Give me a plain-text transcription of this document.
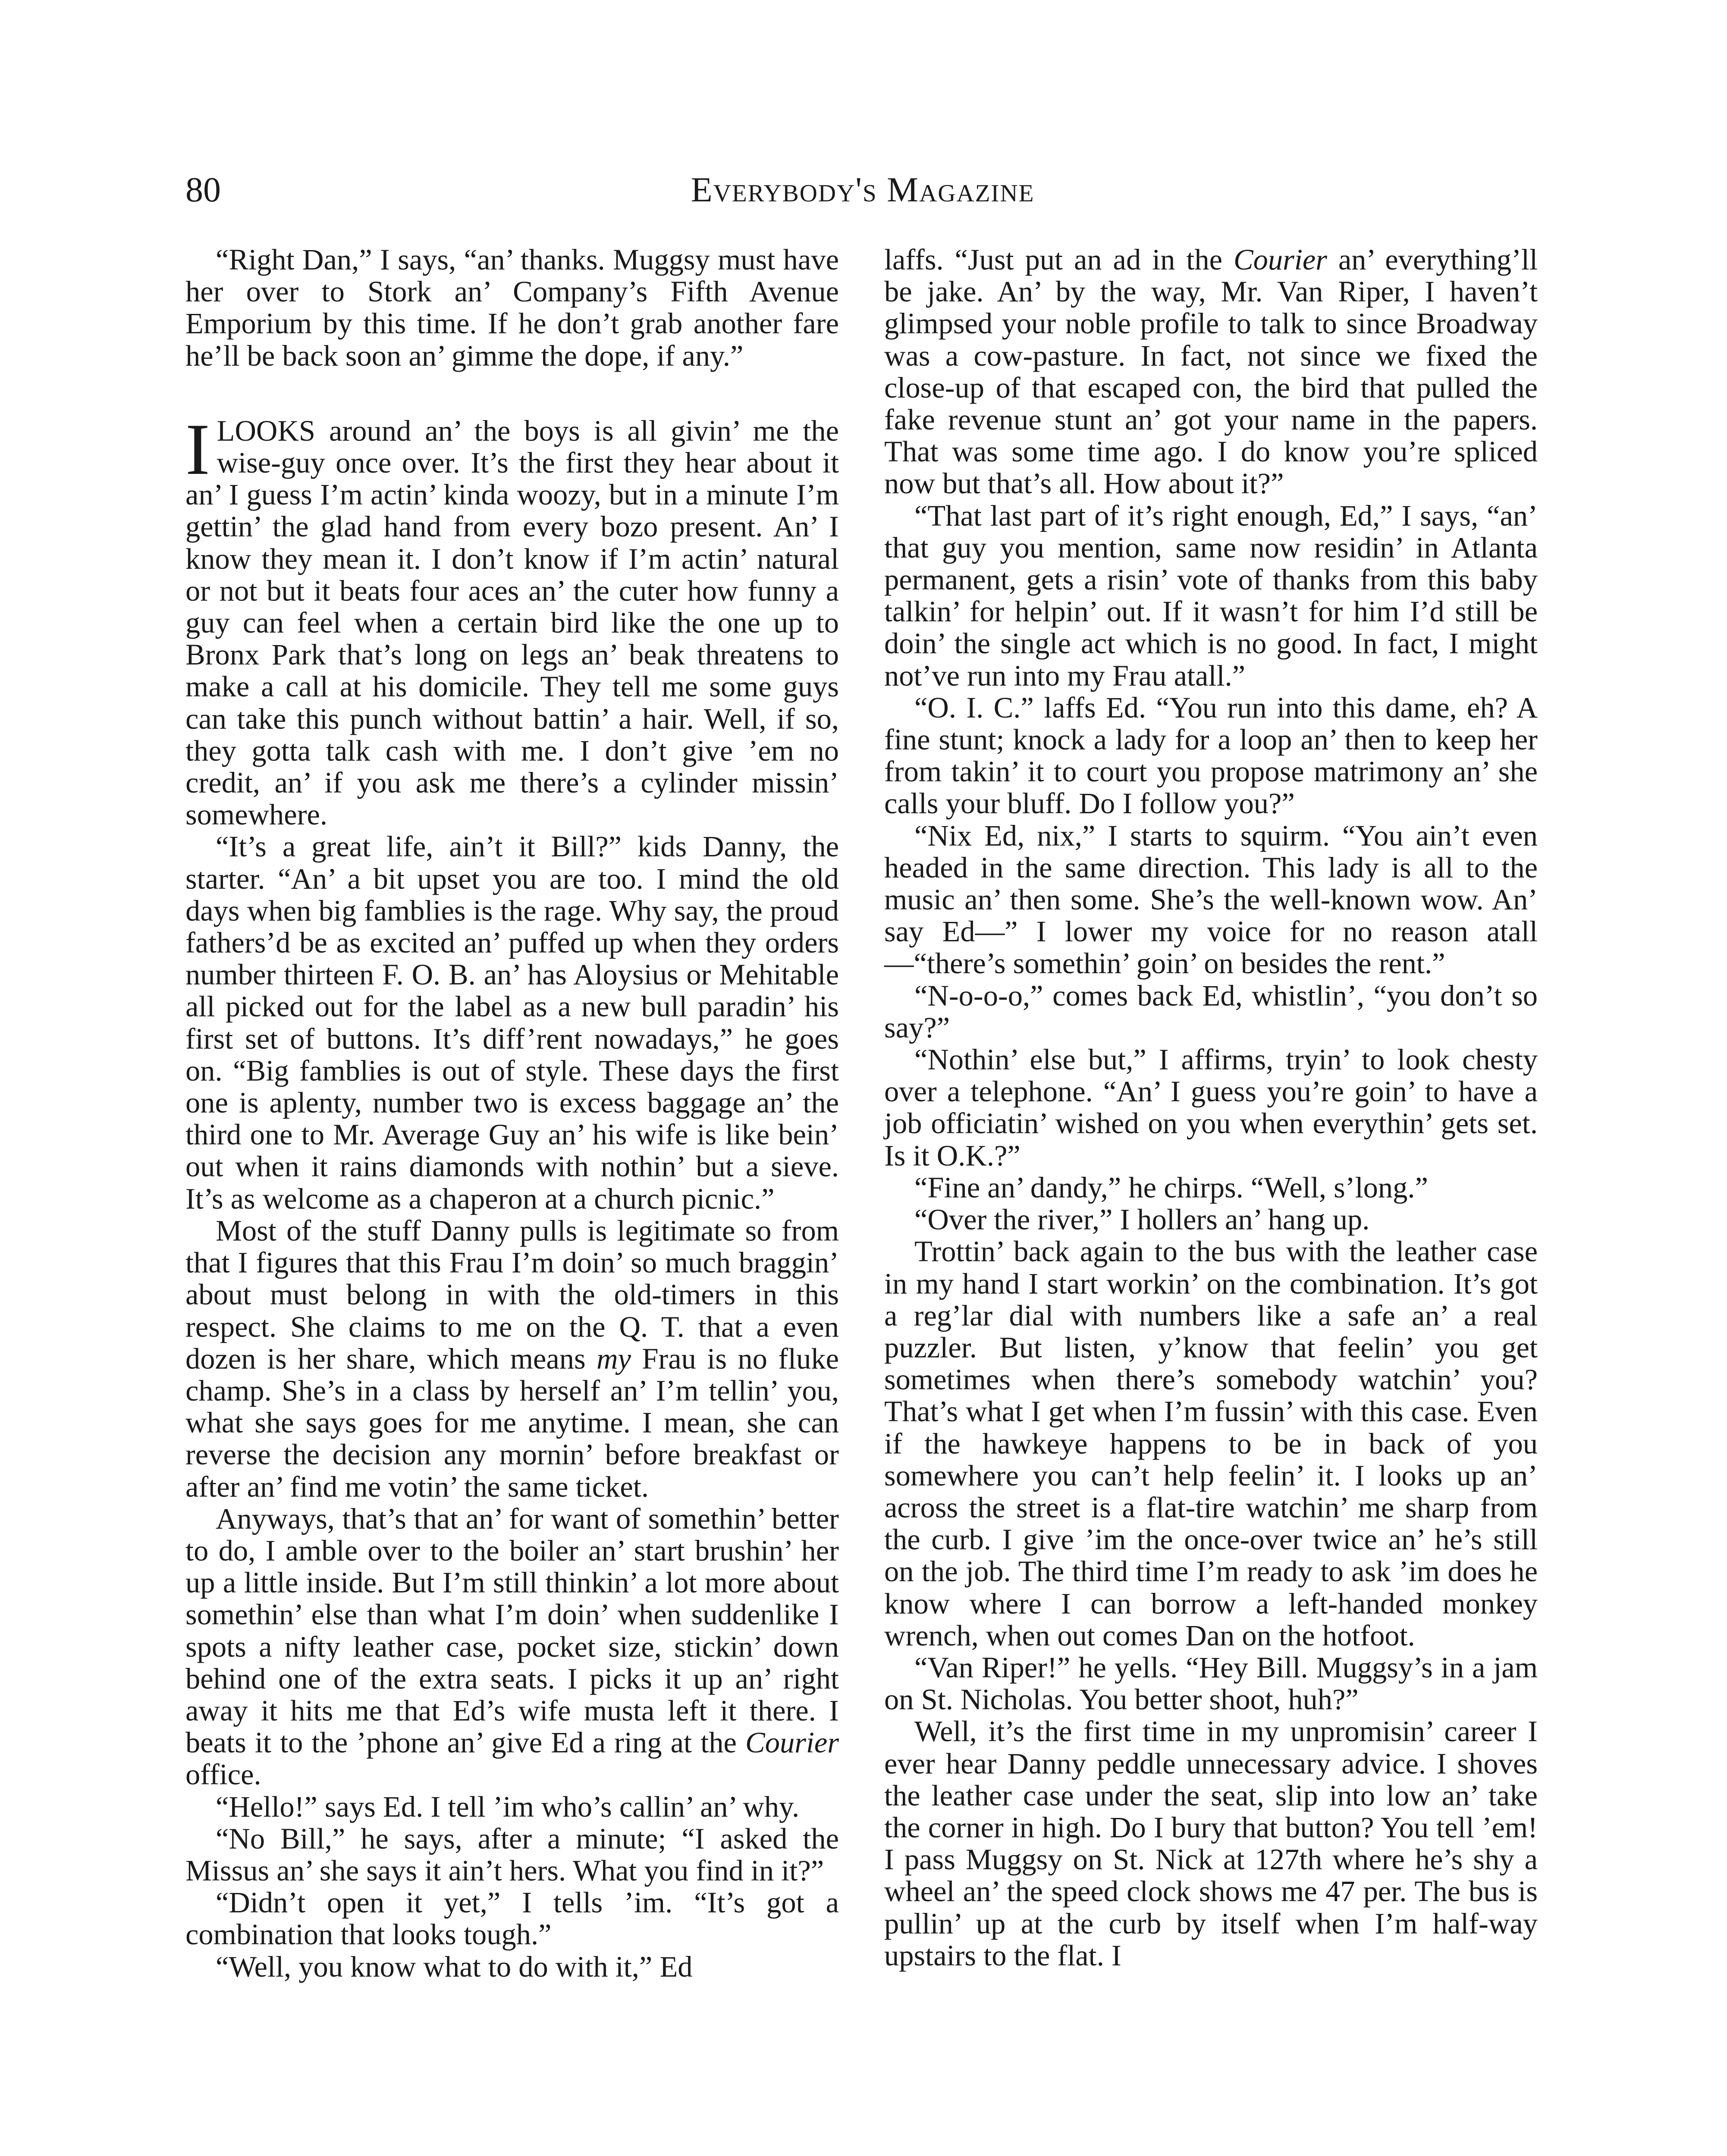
80	Everybody's Magazine

“Right Dan,” I says, “an’ thanks. Muggsy must have her over to Stork an’ Company’s Fifth Avenue Emporium by this time. If he don’t grab another fare he’ll be back soon an’ gimme the dope, if any.”

ILOOKS around an’ the boys is all givin’ me the wise-guy once over. It’s the first they hear about it an’ I guess I’m actin’ kinda woozy, but in a minute I’m gettin’ the glad hand from every bozo present. An’ I know they mean it. I don’t know if I’m actin’ natural or not but it beats four aces an’ the cuter how funny a guy can feel when a certain bird like the one up to Bronx Park that’s long on legs an’ beak threatens to make a call at his domicile. They tell me some guys can take this punch without battin’ a hair. Well, if so, they gotta talk cash with me. I don’t give ’em no credit, an’ if you ask me there’s a cylinder missin’ somewhere.

“It’s a great life, ain’t it Bill?” kids Danny, the starter. “An’ a bit upset you are too. I mind the old days when big famblies is the rage. Why say, the proud fathers’d be as excited an’ puffed up when they orders number thirteen F. O. B. an’ has Aloysius or Mehitable all picked out for the label as a new bull paradin’ his first set of buttons. It’s diff’rent nowadays,” he goes on. “Big famblies is out of style. These days the first one is aplenty, number two is excess baggage an’ the third one to Mr. Average Guy an’ his wife is like bein’ out when it rains diamonds with nothin’ but a sieve. It’s as welcome as a chaperon at a church picnic.”

Most of the stuff Danny pulls is legitimate so from that I figures that this Frau I’m doin’ so much braggin’ about must belong in with the old-timers in this respect. She claims to me on the Q. T. that a even dozen is her share, which means my Frau is no fluke champ. She’s in a class by herself an’ I’m tellin’ you, what she says goes for me anytime. I mean, she can reverse the decision any mornin’ before breakfast or after an’ find me votin’ the same ticket.

Anyways, that’s that an’ for want of somethin’ better to do, I amble over to the boiler an’ start brushin’ her up a little inside. But I’m still thinkin’ a lot more about somethin’ else than what I’m doin’ when suddenlike I spots a nifty leather case, pocket size, stickin’ down behind one of the extra seats. I picks it up an’ right away it hits me that Ed’s wife musta left it there. I beats it to the ’phone an’ give Ed a ring at the Courier office.

“Hello!” says Ed. I tell ’im who’s callin’ an’ why.

“No Bill,” he says, after a minute; “I asked the Missus an’ she says it ain’t hers. What you find in it?”

“Didn’t open it yet,” I tells ’im. “It’s got a combination that looks tough.”

“Well, you know what to do with it,” Ed

laffs. “Just put an ad in the Courier an’ everything’ll be jake. An’ by the way, Mr. Van Riper, I haven’t glimpsed your noble profile to talk to since Broadway was a cow-pasture. In fact, not since we fixed the close-up of that escaped con, the bird that pulled the fake revenue stunt an’ got your name in the papers. That was some time ago. I do know you’re spliced now but that’s all. How about it?”

“That last part of it’s right enough, Ed,” I says, “an’ that guy you mention, same now residin’ in Atlanta permanent, gets a risin’ vote of thanks from this baby talkin’ for helpin’ out. If it wasn’t for him I’d still be doin’ the single act which is no good. In fact, I might not’ve run into my Frau atall.”

“O. I. C.” laffs Ed. “You run into this dame, eh? A fine stunt; knock a lady for a loop an’ then to keep her from takin’ it to court you propose matrimony an’ she calls your bluff. Do I follow you?”

“Nix Ed, nix,” I starts to squirm. “You ain’t even headed in the same direction. This lady is all to the music an’ then some. She’s the well-known wow. An’ say Ed—” I lower my voice for no reason atall—“there’s somethin’ goin’ on besides the rent.”

“N-o-o-o,” comes back Ed, whistlin’, “you don’t so say?”

“Nothin’ else but,” I affirms, tryin’ to look chesty over a telephone. “An’ I guess you’re goin’ to have a job officiatin’ wished on you when everythin’ gets set. Is it O.K.?”

“Fine an’ dandy,” he chirps. “Well, s’long.”

“Over the river,” I hollers an’ hang up.

Trottin’ back again to the bus with the leather case in my hand I start workin’ on the combination. It’s got a reg’lar dial with numbers like a safe an’ a real puzzler. But listen, y’know that feelin’ you get sometimes when there’s somebody watchin’ you? That’s what I get when I’m fussin’ with this case. Even if the hawkeye happens to be in back of you somewhere you can’t help feelin’ it. I looks up an’ across the street is a flat-tire watchin’ me sharp from the curb. I give ’im the once-over twice an’ he’s still on the job. The third time I’m ready to ask ’im does he know where I can borrow a left-handed monkey wrench, when out comes Dan on the hotfoot.

“Van Riper!” he yells. “Hey Bill. Muggsy’s in a jam on St. Nicholas. You better shoot, huh?”

Well, it’s the first time in my unpromisin’ career I ever hear Danny peddle unnecessary advice. I shoves the leather case under the seat, slip into low an’ take the corner in high. Do I bury that button? You tell ’em! I pass Muggsy on St. Nick at 127th where he’s shy a wheel an’ the speed clock shows me 47 per. The bus is pullin’ up at the curb by itself when I’m half-way upstairs to the flat. I
